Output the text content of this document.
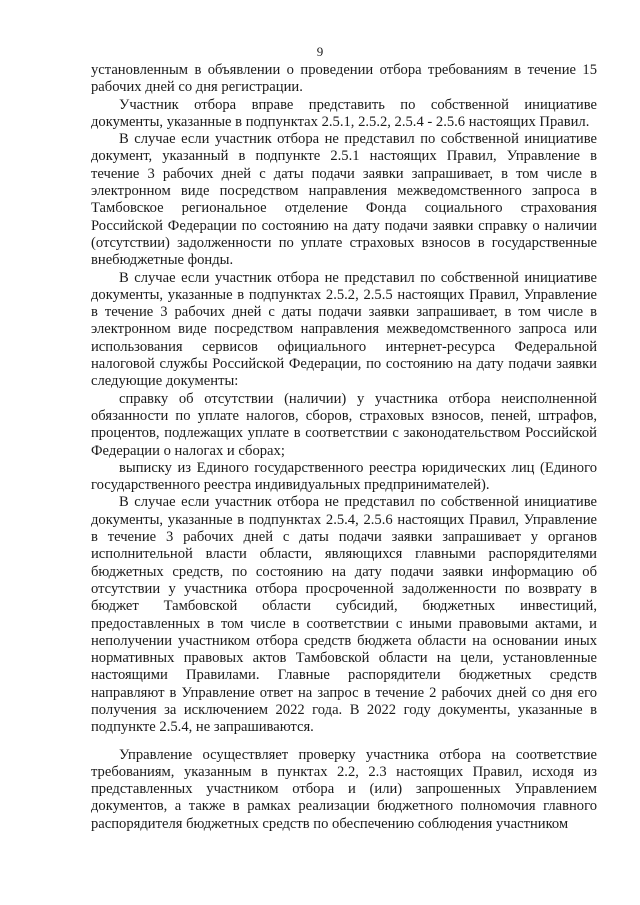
9

установленным в объявлении о проведении отбора требованиям в течение 15 рабочих дней со дня регистрации.

Участник отбора вправе представить по собственной инициативе документы, указанные в подпунктах 2.5.1, 2.5.2, 2.5.4 - 2.5.6 настоящих Правил.

В случае если участник отбора не представил по собственной инициативе документ, указанный в подпункте 2.5.1 настоящих Правил, Управление в течение 3 рабочих дней с даты подачи заявки запрашивает, в том числе в электронном виде посредством направления межведомственного запроса в Тамбовское региональное отделение Фонда социального страхования Российской Федерации по состоянию на дату подачи заявки справку о наличии (отсутствии) задолженности по уплате страховых взносов в государственные внебюджетные фонды.

В случае если участник отбора не представил по собственной инициативе документы, указанные в подпунктах 2.5.2, 2.5.5 настоящих Правил, Управление в течение 3 рабочих дней с даты подачи заявки запрашивает, в том числе в электронном виде посредством направления межведомственного запроса или использования сервисов официального интернет-ресурса Федеральной налоговой службы Российской Федерации, по состоянию на дату подачи заявки следующие документы:

справку об отсутствии (наличии) у участника отбора неисполненной обязанности по уплате налогов, сборов, страховых взносов, пеней, штрафов, процентов, подлежащих уплате в соответствии с законодательством Российской Федерации о налогах и сборах;

выписку из Единого государственного реестра юридических лиц (Единого государственного реестра индивидуальных предпринимателей).

В случае если участник отбора не представил по собственной инициативе документы, указанные в подпунктах 2.5.4, 2.5.6 настоящих Правил, Управление в течение 3 рабочих дней с даты подачи заявки запрашивает у органов исполнительной власти области, являющихся главными распорядителями бюджетных средств, по состоянию на дату подачи заявки информацию об отсутствии у участника отбора просроченной задолженности по возврату в бюджет Тамбовской области субсидий, бюджетных инвестиций, предоставленных в том числе в соответствии с иными правовыми актами, и неполучении участником отбора средств бюджета области на основании иных нормативных правовых актов Тамбовской области на цели, установленные настоящими Правилами. Главные распорядители бюджетных средств направляют в Управление ответ на запрос в течение 2 рабочих дней со дня его получения за исключением 2022 года. В 2022 году документы, указанные в подпункте 2.5.4, не запрашиваются.

Управление осуществляет проверку участника отбора на соответствие требованиям, указанным в пунктах 2.2, 2.3 настоящих Правил, исходя из представленных участником отбора и (или) запрошенных Управлением документов, а также в рамках реализации бюджетного полномочия главного распорядителя бюджетных средств по обеспечению соблюдения участником
